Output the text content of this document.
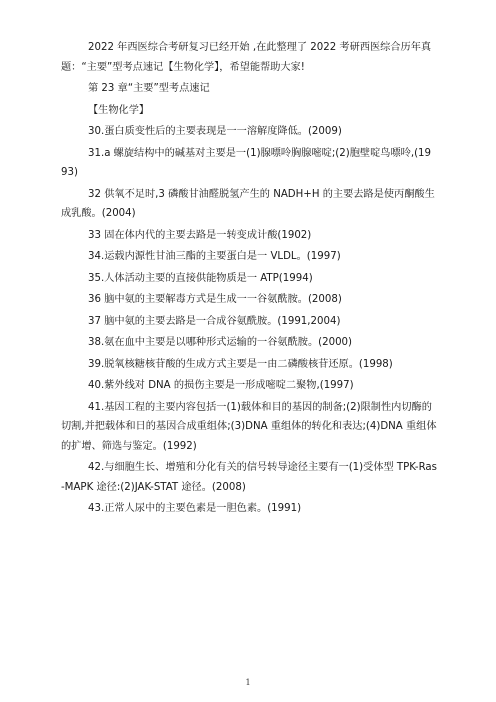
2022 年西医综合考研复习已经开始 ,在此整理了 2022 考研西医综合历年真题：“主要”型考点速记【生物化学】，希望能帮助大家!

第 23 章“主要”型考点速记

【生物化学】

30.蛋白质变性后的主要表现是一一溶解度降低。(2009)

31.a 螺旋结构中的碱基对主要是一(1)腺嘌呤胸腺嘧啶;(2)胞壁啶鸟嘌呤,(1993)

32 供氧不足时,3 磷酸甘油醛脱氢产生的 NADH+H 的主要去路是使丙酮酸生成乳酸。(2004)

33 固在体内代的主要去路是一转变成计酸(1902)

34.运载内源性甘油三酯的主要蛋白是一 VLDL。(1997)

35.人体活动主要的直接供能物质是一 ATP(1994)

36 脑中氨的主要解毒方式是生成一一谷氨酰胺。(2008)

37 脑中氨的主要去路是一合成谷氨酰胺。(1991,2004)

38.氨在血中主要是以哪种形式运输的一谷氨酰胺。(2000)

39.脱氧核糖核苷酸的生成方式主要是一由二磷酸核苷还原。(1998)

40.紫外线对 DNA 的损伤主要是一形成嘧啶二聚物,(1997)

41.基因工程的主要内容包括一(1)载体和目的基因的制备;(2)限制性内切酶的切割,并把载体和日的基因合成重组体;(3)DNA 重组体的转化和表达;(4)DNA 重组体的扩增、筛选与鉴定。(1992)

42.与细胞生长、增殖和分化有关的信号转导途径主要有一(1)受体型 TPK-Ras-MAPK 途径:(2)JAK-STAT 途径。(2008)

43.正常人尿中的主要色素是一胆色素。(1991)

1
